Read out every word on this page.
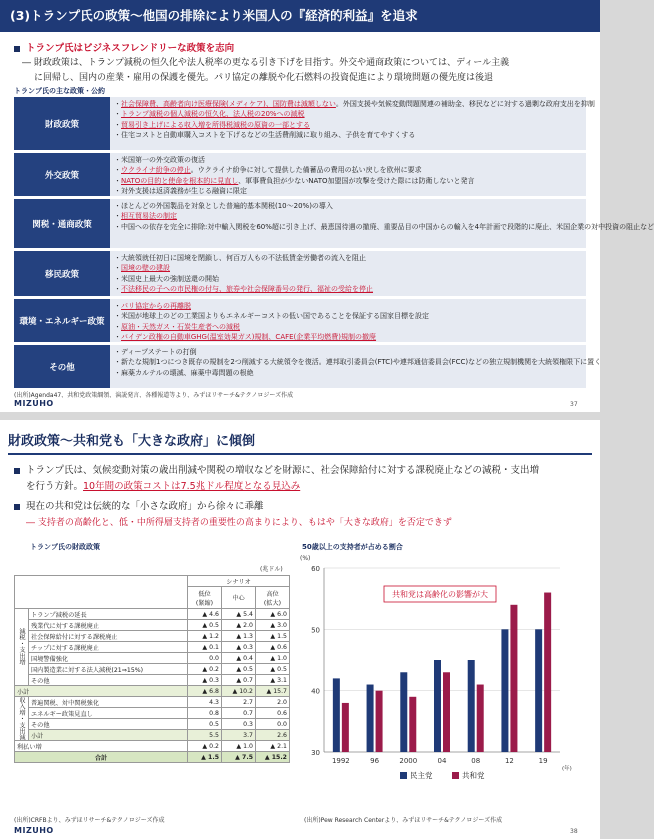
(3)トランプ氏の政策～他国の排除により米国人の『経済的利益』を追求
トランプ氏はビジネスフレンドリーな政策を志向
― 財政政策は、トランプ減税の恒久化や法人税率の更なる引き下げを目指す。外交や通商政策については、ディール主義
に回帰し、国内の産業・雇用の保護を優先。パリ協定の離脱や化石燃料の投資促進により環境問題の優先度は後退
トランプ氏の主な政策・公約
財政政策
・ 社会保障費、高齢者向け医療保険(メディケア)、国防費は減額しない。外国支援や気候変動問題関連の補助金、移民などに対する過剰な政府支出を抑制
・ トランプ減税の個人減税の恒久化、法人税の20%への減税
・ 貿易引き上げによる収入増を所得税減税の原資の一部とする
・ 住宅コストと自動車購入コストを下げるなどの生活費削減に取り組み、子供を育てやすくする
外交政策
・ 米国第一の外交政策の復活
・ ウクライナ紛争の停止。ウクライナ紛争に対して提供した備蓄品の費用の払い戻しを欧州に要求
・ NATOの目的と使命を根本的に見直し、軍事費負担が少ないNATO加盟国が攻撃を受けた際には防衛しないと発言
・ 対外支援は返済義務が生じる融資に限定
関税・通商政策
・ ほとんどの外国製品を対象とした普遍的基本関税(10～20%)の導入
・ 相互貿易法の制定
・ 中国への依存を完全に排除:対中輸入関税を60%超に引き上げ、最恵国待遇の撤廃、重要品目の中国からの輸入を4年計画で段階的に廃止、米国企業の対中投資の阻止など
移民政策
・ 大統領就任初日に国境を閉鎖し、何百万人もの不法低賃金労働者の流入を阻止
・ 国境の壁の建設
・ 米国史上最大の強制送還の開始
・ 不法移民の子への市民権の付与、旅券や社会保障番号の発行、福祉の受給を停止
環境・エネルギー政策
・ パリ協定からの再離脱
・ 米国が地球上のどの工業国よりもエネルギーコストの低い国であることを保証する国家目標を設定
・ 原油・天然ガス・石炭生産者への減税
・ バイデン政権の自動車GHG(温室効果ガス)規制、CAFE(企業平均燃費)規制の撤廃
その他
・ ディープステートの打倒
・ 新たな規制1つにつき既存の規制を2つ削減する大統領令を復活。連邦取引委員会(FTC)や連邦通信委員会(FCC)などの独立規制機関を大統領権限下に置く
・ 麻薬カルテルの壊滅、麻薬中毒問題の根絶
(出所)Agenda47、共和党政策綱領、演説発言、各種報道等より、みずほリサーチ&テクノロジーズ作成
MIZUHO	37
財政政策～共和党も「大きな政府」に傾倒
トランプ氏は、気候変動対策の歳出削減や関税の増収などを財源に、社会保障給付に対する課税廃止などの減税・支出増
を行う方針。10年間の政策コストは7.5兆ドル程度となる見込み
現在の共和党は伝統的な「小さな政府」から徐々に乖離
― 支持者の高齢化と、低・中所得層支持者の重要性の高まりにより、もはや「大きな政府」を否定できず
トランプ氏の財政政策
(兆ドル)
		シナリオ		
		低位
(緊縮)	中心	高位
(拡大)
減税・支出増	トランプ減税の延長	▲ 4.6	▲ 5.4	▲ 6.0
	残業代に対する課税廃止	▲ 0.5	▲ 2.0	▲ 3.0
	社会保障給付に対する課税廃止	▲ 1.2	▲ 1.3	▲ 1.5
	チップに対する課税廃止	▲ 0.1	▲ 0.3	▲ 0.6
	国境警備強化	0.0	▲ 0.4	▲ 1.0
	国内製造業に対する法人減税(21⇒15%)	▲ 0.2	▲ 0.5	▲ 0.5
	その他	▲ 0.3	▲ 0.7	▲ 3.1
小計		▲ 6.8	▲ 10.2	▲ 15.7
収入増・支出減	普遍関税、対中関税強化	4.3	2.7	2.0
	エネルギー政策見直し	0.8	0.7	0.6
	その他	0.5	0.3	0.0
	小計	5.5	3.7	2.6
利払い増		▲ 0.2	▲ 1.0	▲ 2.1
合計		▲ 1.5	▲ 7.5	▲ 15.2
50歳以上の支持者が占める割合
(%)
30
40
50
60
1992	96	2000	04	08	12	19
(年)
共和党は高齢化の影響が大
民主党	共和党
(出所)CRFBより、みずほリサーチ&テクノロジーズ作成	(出所)Pew Research Centerより、みずほリサーチ&テクノロジーズ作成
MIZUHO	38
